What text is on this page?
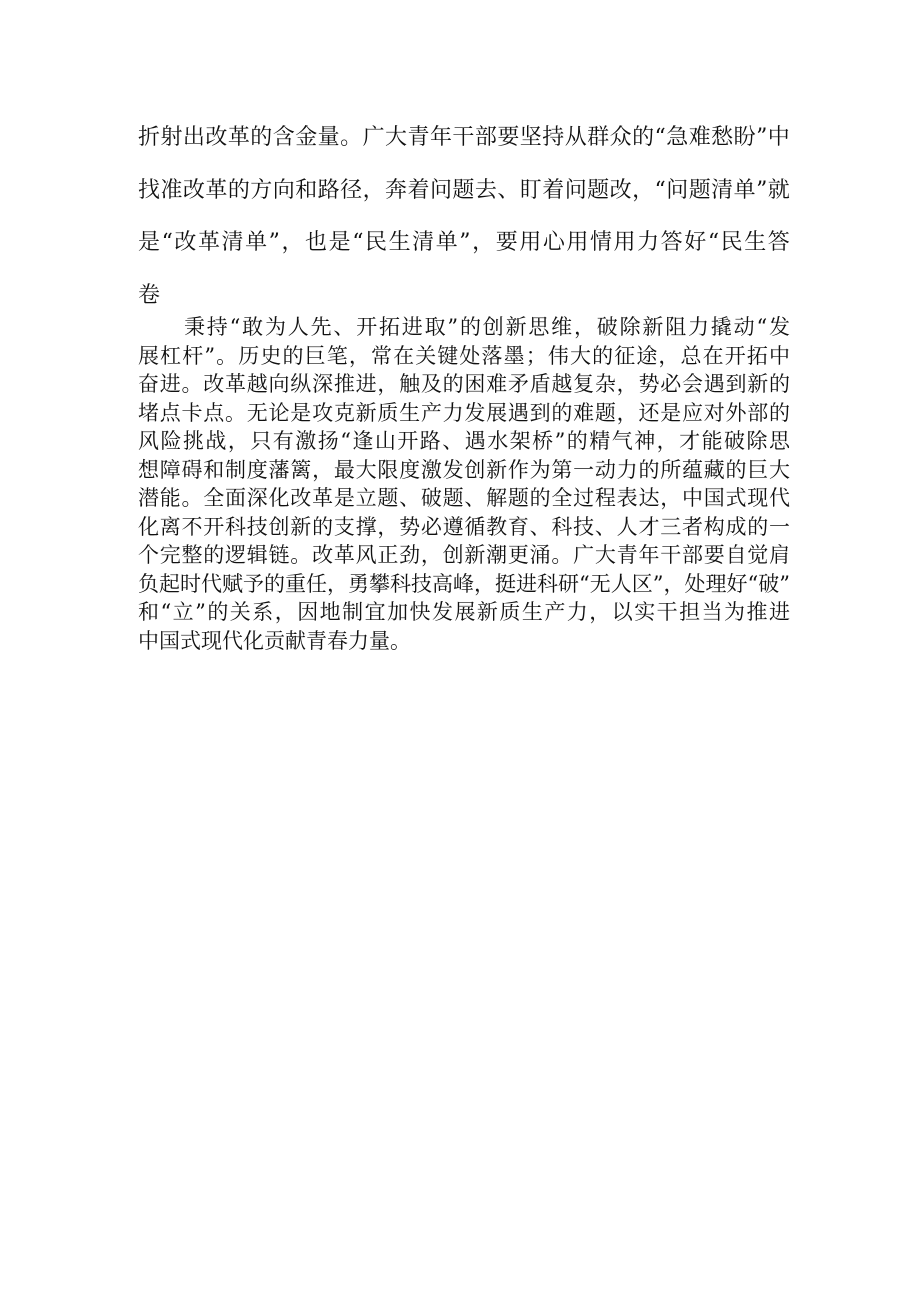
折射出改革的含金量。广大青年干部要坚持从群众的“急难愁盼”中
找准改革的方向和路径，奔着问题去、盯着问题改，“问题清单”就
是“改革清单”，也是“民生清单”，要用心用情用力答好“民生答
卷
秉持“敢为人先、开拓进取”的创新思维，破除新阻力撬动“发
展杠杆”。历史的巨笔，常在关键处落墨；伟大的征途，总在开拓中
奋进。改革越向纵深推进，触及的困难矛盾越复杂，势必会遇到新的
堵点卡点。无论是攻克新质生产力发展遇到的难题，还是应对外部的
风险挑战，只有激扬“逢山开路、遇水架桥”的精气神，才能破除思
想障碍和制度藩篱，最大限度激发创新作为第一动力的所蕴藏的巨大
潜能。全面深化改革是立题、破题、解题的全过程表达，中国式现代
化离不开科技创新的支撑，势必遵循教育、科技、人才三者构成的一
个完整的逻辑链。改革风正劲，创新潮更涌。广大青年干部要自觉肩
负起时代赋予的重任，勇攀科技高峰，挺进科研“无人区”，处理好“破”
和“立”的关系，因地制宜加快发展新质生产力，以实干担当为推进
中国式现代化贡献青春力量。
